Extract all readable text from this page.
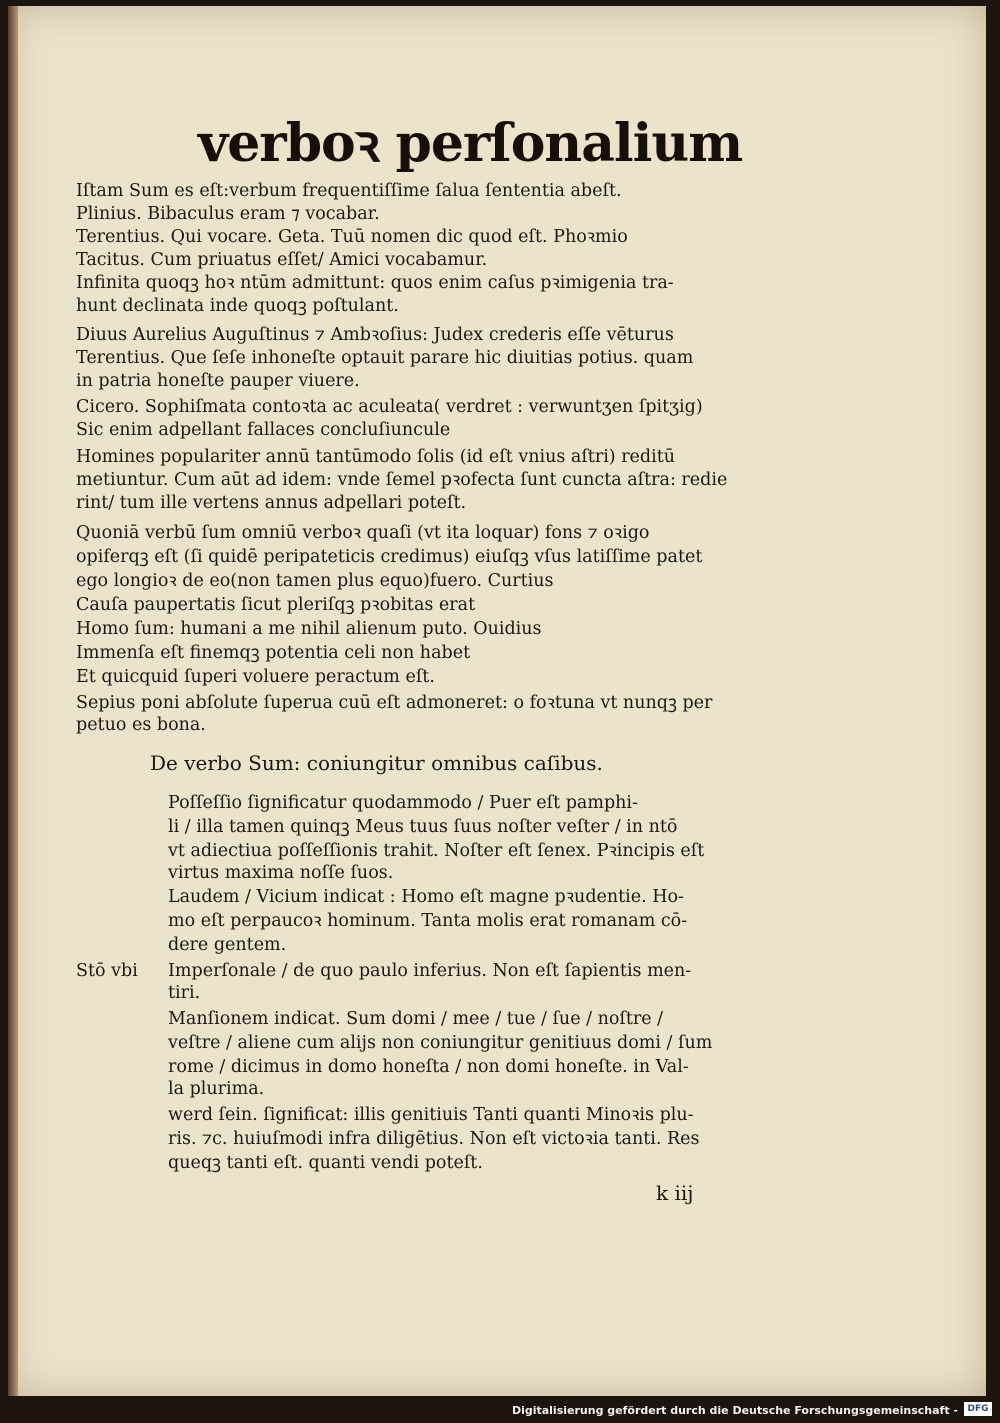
verboꝛ perſonalium

Iſtam Sum es eſt:verbum frequentiſſime ſalua ſententia abeſt.

Plinius. Bibaculus eram ⁊ vocabar.

Terentius. Qui vocare. Geta. Tuū nomen dic quod eſt. Phoꝛmio

Tacitus. Cum priuatus eſſet/ Amici vocabamur.

Infinita quoqꝫ hoꝛ ntūm admittunt: quos enim caſus pꝛimigenia tra-

hunt declinata inde quoqꝫ poſtulant.

Diuus Aurelius Auguſtinus ⁊ Ambꝛoſius: Judex crederis eſſe vēturus

Terentius. Que ſeſe inhoneſte optauit parare hic diuitias potius. quam

in patria honeſte pauper viuere.

Cicero. Sophiſmata contoꝛta ac aculeata( verdret : verwuntʒen ſpitʒig)

Sic enim adpellant fallaces concluſiuncule

Homines populariter annū tantūmodo ſolis (id eſt vnius aſtri) reditū

metiuntur. Cum aūt ad idem: vnde ſemel pꝛofecta ſunt cuncta aſtra: redie

rint/ tum ille vertens annus adpellari poteſt.

Quoniā verbū ſum omniū verboꝛ quaſi (vt ita loquar) fons ⁊ oꝛigo

opiferqꝫ eſt (ſi quidē peripateticis credimus) eiuſqꝫ vſus latiſſime patet

ego longioꝛ de eo(non tamen plus equo)fuero. Curtius

Cauſa paupertatis ſicut pleriſqꝫ pꝛobitas erat

Homo ſum: humani a me nihil alienum puto. Ouidius

Immenſa eſt finemqꝫ potentia celi non habet

Et quicquid ſuperi voluere peractum eſt.

Sepius poni abſolute ſuperua cuū eſt admoneret: o foꝛtuna vt nunqꝫ per

petuo es bona.

De verbo Sum: coniungitur omnibus caſibus.

Poſſeſſio ſignificatur quodammodo / Puer eſt pamphi-

li / illa tamen quinqꝫ Meus tuus ſuus noſter veſter / in ntō

vt adiectiua poſſeſſionis trahit. Noſter eſt ſenex. Pꝛincipis eſt

virtus maxima noſſe ſuos.

Laudem / Vicium indicat : Homo eſt magne pꝛudentie. Ho-

mo eſt perpaucoꝛ hominum. Tanta molis erat romanam cō-

dere gentem.

Stō vbi Imperſonale / de quo paulo inferius. Non eſt ſapientis men-

tiri.

Manſionem indicat. Sum domi / mee / tue / ſue / noſtre /

veſtre / aliene cum alijs non coniungitur genitiuus domi / ſum

rome / dicimus in domo honeſta / non domi honeſte. in Val-

la plurima.

werd ſein. ſignificat: illis genitiuis Tanti quanti Minoꝛis plu-

ris. ⁊c. huiuſmodi infra diligētius. Non eſt victoꝛia tanti. Res

queqꝫ tanti eſt. quanti vendi poteſt.

k iij

Digitalisierung gefördert durch die Deutsche Forschungsgemeinschaft -	DFG
